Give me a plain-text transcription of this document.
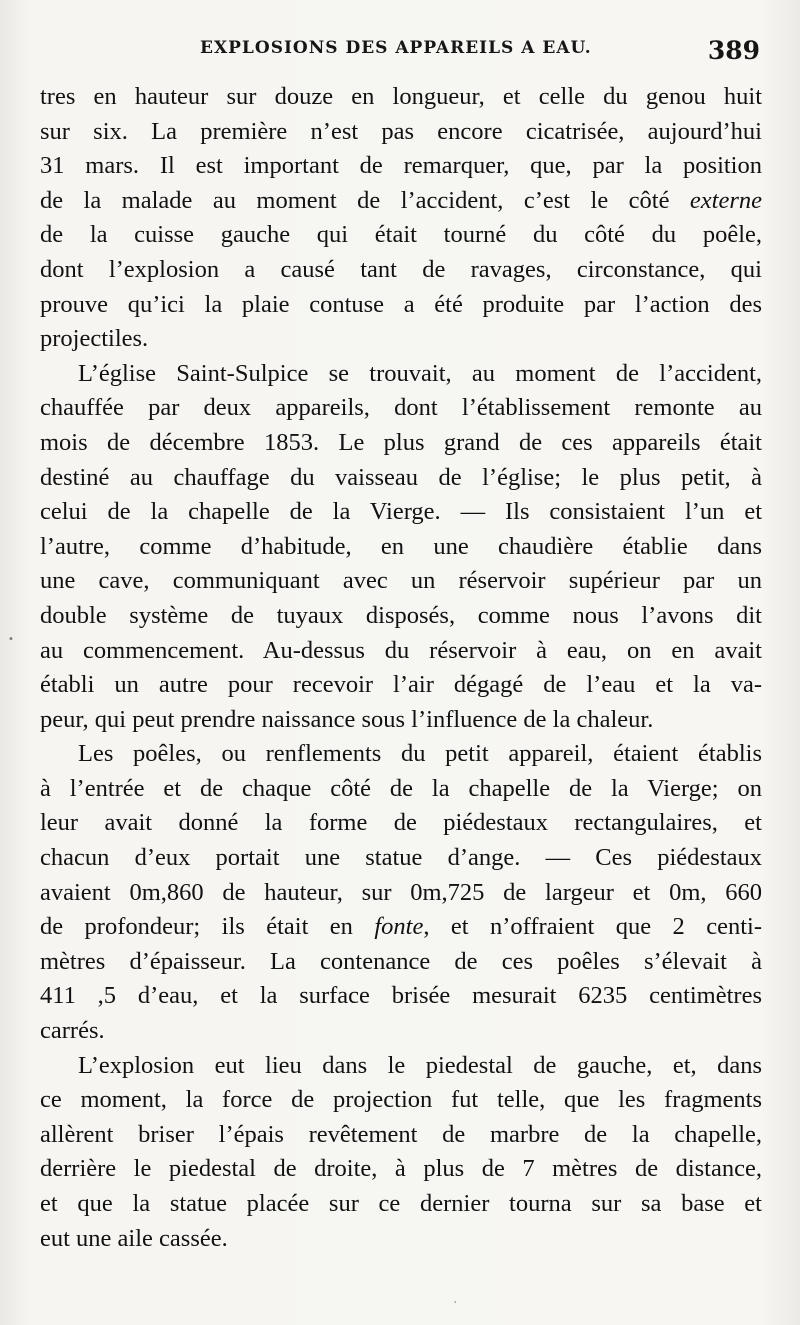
EXPLOSIONS DES APPAREILS A EAU.	389
tres en hauteur sur douze en longueur, et celle du genou huit
sur six. La première n’est pas encore cicatrisée, aujourd’hui
31 mars. Il est important de remarquer, que, par la position
de la malade au moment de l’accident, c’est le côté externe
de la cuisse gauche qui était tourné du côté du poêle,
dont l’explosion a causé tant de ravages, circonstance, qui
prouve qu’ici la plaie contuse a été produite par l’action des
projectiles.
L’église Saint-Sulpice se trouvait, au moment de l’accident,
chauffée par deux appareils, dont l’établissement remonte au
mois de décembre 1853. Le plus grand de ces appareils était
destiné au chauffage du vaisseau de l’église; le plus petit, à
celui de la chapelle de la Vierge. — Ils consistaient l’un et
l’autre, comme d’habitude, en une chaudière établie dans
une cave, communiquant avec un réservoir supérieur par un
double système de tuyaux disposés, comme nous l’avons dit
au commencement. Au-dessus du réservoir à eau, on en avait
établi un autre pour recevoir l’air dégagé de l’eau et la va-
peur, qui peut prendre naissance sous l’influence de la chaleur.
Les poêles, ou renflements du petit appareil, étaient établis
à l’entrée et de chaque côté de la chapelle de la Vierge; on
leur avait donné la forme de piédestaux rectangulaires, et
chacun d’eux portait une statue d’ange. — Ces piédestaux
avaient 0m,860 de hauteur, sur 0m,725 de largeur et 0m, 660
de profondeur; ils était en fonte, et n’offraient que 2 centi-
mètres d’épaisseur. La contenance de ces poêles s’élevait à
411 ,5 d’eau, et la surface brisée mesurait 6235 centimètres
carrés.
L’explosion eut lieu dans le piedestal de gauche, et, dans
ce moment, la force de projection fut telle, que les fragments
allèrent briser l’épais revêtement de marbre de la chapelle,
derrière le piedestal de droite, à plus de 7 mètres de distance,
et que la statue placée sur ce dernier tourna sur sa base et
eut une aile cassée.
•
'
